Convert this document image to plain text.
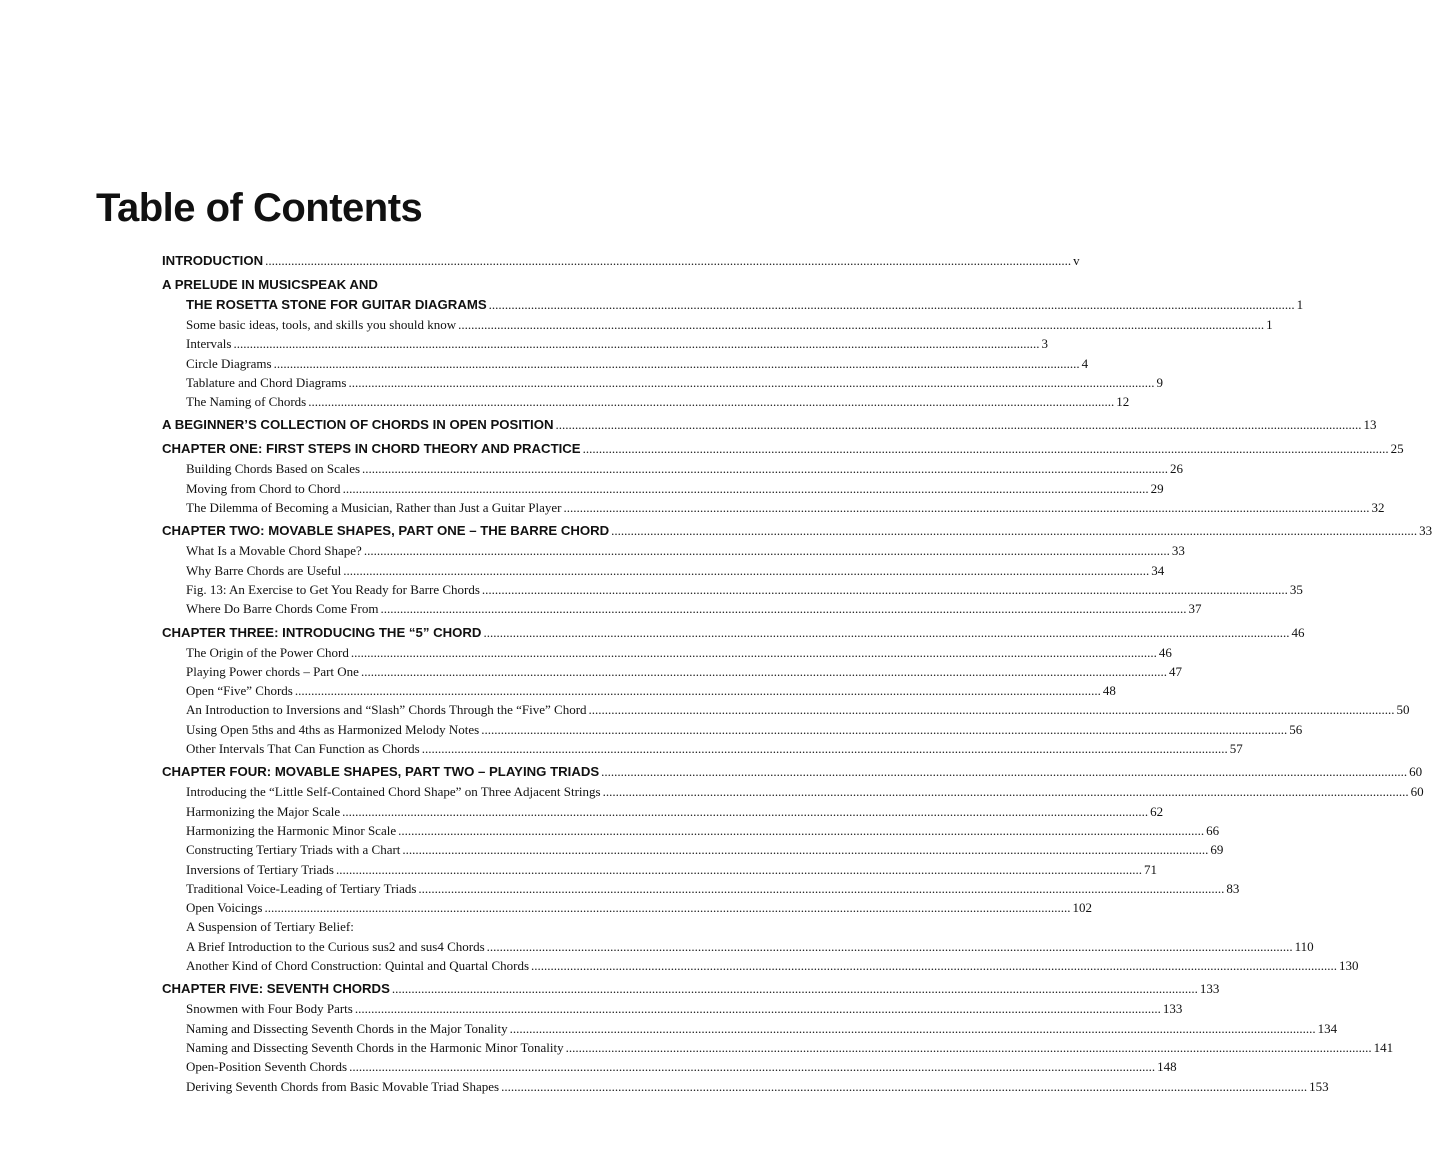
Table of Contents
INTRODUCTION .....	v
A PRELUDE IN MUSICSPEAK AND
THE ROSETTA STONE FOR GUITAR DIAGRAMS .....	1
Some basic ideas, tools, and skills you should know .....	1
Intervals .....	3
Circle Diagrams .....	4
Tablature and Chord Diagrams .....	9
The Naming of Chords .....	12
A BEGINNER’S COLLECTION OF CHORDS IN OPEN POSITION .....	13
CHAPTER ONE: FIRST STEPS IN CHORD THEORY AND PRACTICE .....	25
Building Chords Based on Scales .....	26
Moving from Chord to Chord .....	29
The Dilemma of Becoming a Musician, Rather than Just a Guitar Player .....	32
CHAPTER TWO: MOVABLE SHAPES, PART ONE – THE BARRE CHORD .....	33
What Is a Movable Chord Shape? .....	33
Why Barre Chords are Useful .....	34
Fig. 13: An Exercise to Get You Ready for Barre Chords .....	35
Where Do Barre Chords Come From .....	37
CHAPTER THREE: INTRODUCING THE “5” CHORD .....	46
The Origin of the Power Chord .....	46
Playing Power chords – Part One .....	47
Open “Five” Chords .....	48
An Introduction to Inversions and “Slash” Chords Through the “Five” Chord .....	50
Using Open 5ths and 4ths as Harmonized Melody Notes .....	56
Other Intervals That Can Function as Chords .....	57
CHAPTER FOUR: MOVABLE SHAPES, PART TWO – PLAYING TRIADS .....	60
Introducing the “Little Self-Contained Chord Shape” on Three Adjacent Strings .....	60
Harmonizing the Major Scale .....	62
Harmonizing the Harmonic Minor Scale .....	66
Constructing Tertiary Triads with a Chart .....	69
Inversions of Tertiary Triads .....	71
Traditional Voice-Leading of Tertiary Triads .....	83
Open Voicings .....	102
A Suspension of Tertiary Belief:
A Brief Introduction to the Curious sus2 and sus4 Chords .....	110
Another Kind of Chord Construction: Quintal and Quartal Chords .....	130
CHAPTER FIVE: SEVENTH CHORDS .....	133
Snowmen with Four Body Parts .....	133
Naming and Dissecting Seventh Chords in the Major Tonality .....	134
Naming and Dissecting Seventh Chords in the Harmonic Minor Tonality .....	141
Open-Position Seventh Chords .....	148
Deriving Seventh Chords from Basic Movable Triad Shapes .....	153
